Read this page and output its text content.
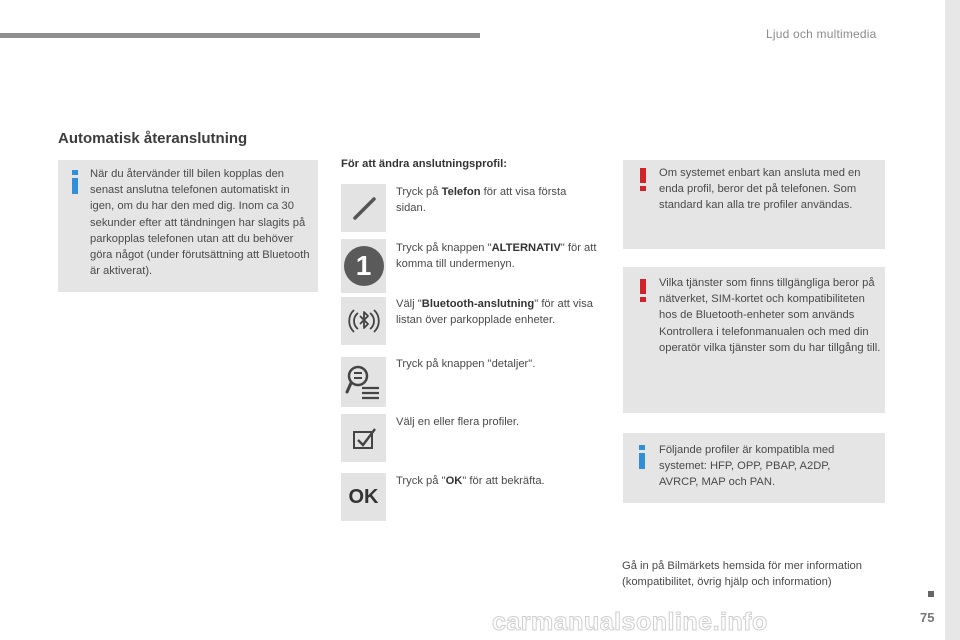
Ljud och multimedia
Automatisk återanslutning

När du återvänder till bilen kopplas den senast anslutna telefonen automatiskt in igen, om du har den med dig. Inom ca 30 sekunder efter att tändningen har slagits på parkopplas telefonen utan att du behöver göra något (under förutsättning att Bluetooth är aktiverat).

För att ändra anslutningsprofil:
1
OK
Tryck på Telefon för att visa första sidan.
Tryck på knappen "ALTERNATIV" för att komma till undermenyn.
Välj "Bluetooth-anslutning" för att visa listan över parkopplade enheter.
Tryck på knappen "detaljer".
Välj en eller flera profiler.
Tryck på "OK" för att bekräfta.

Om systemet enbart kan ansluta med en enda profil, beror det på telefonen. Som standard kan alla tre profiler användas.

Vilka tjänster som finns tillgängliga beror på nätverket, SIM-kortet och kompatibiliteten hos de Bluetooth-enheter som används Kontrollera i telefonmanualen och med din operatör vilka tjänster som du har tillgång till.

Följande profiler är kompatibla med systemet: HFP, OPP, PBAP, A2DP, AVRCP, MAP och PAN.

Gå in på Bilmärkets hemsida för mer information (kompatibilitet, övrig hjälp och information)
75
carmanualsonline.info
